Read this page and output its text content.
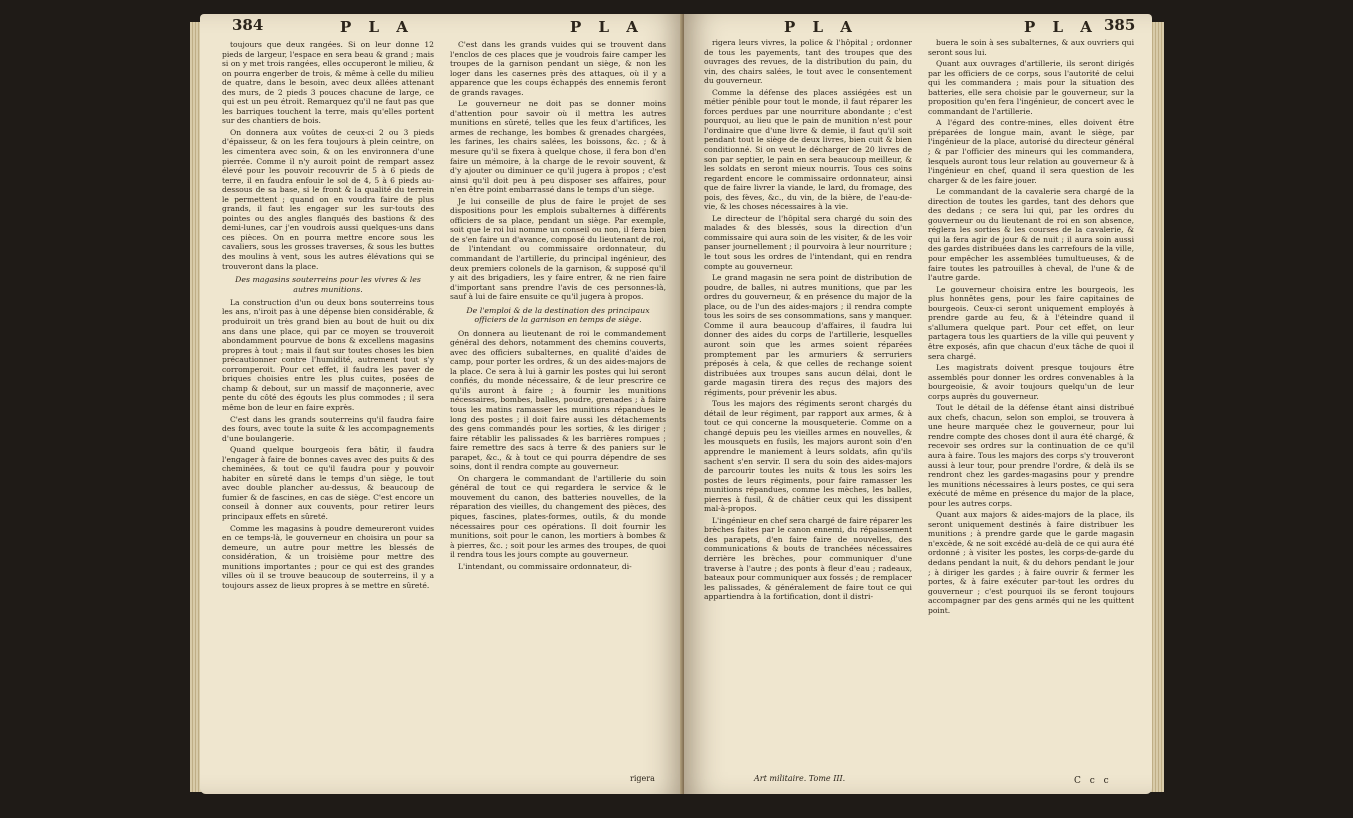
384	P L A	P L A

toujours que deux rangées. Si on leur donne 12 pieds de largeur, l'espace en sera beau & grand ; mais si on y met trois rangées, elles occuperont le milieu, & on pourra engerber de trois, & même à celle du milieu de quatre, dans le besoin, avec deux allées attenant des murs, de 2 pieds 3 pouces chacune de large, ce qui est un peu étroit. Remarquez qu'il ne faut pas que les barriques touchent la terre, mais qu'elles portent sur des chantiers de bois.

On donnera aux voûtes de ceux-ci 2 ou 3 pieds d'épaisseur, & on les fera toujours à plein ceintre, on les cimentera avec soin, & on les environnera d'une pierrée. Comme il n'y auroit point de rempart assez élevé pour les pouvoir recouvrir de 5 à 6 pieds de terre, il en faudra enfouir le sol de 4, 5 à 6 pieds au-dessous de sa base, si le front & la qualité du terrein le permettent ; quand on en voudra faire de plus grands, il faut les engager sur les sur-touts des pointes ou des angles flanqués des bastions & des demi-lunes, car j'en voudrois aussi quelques-uns dans ces pièces. On en pourra mettre encore sous les cavaliers, sous les grosses traverses, & sous les buttes des moulins à vent, sous les autres élévations qui se trouveront dans la place.

Des magasins souterreins pour les vivres & les autres munitions.

La construction d'un ou deux bons souterreins tous les ans, n'iroit pas à une dépense bien considérable, & produiroit un très grand bien au bout de huit ou dix ans dans une place, qui par ce moyen se trouveroit abondamment pourvue de bons & excellens magasins propres à tout ; mais il faut sur toutes choses les bien précautionner contre l'humidité, autrement tout s'y corromperoit. Pour cet effet, il faudra les paver de briques choisies entre les plus cuites, posées de champ & debout, sur un massif de maçonnerie, avec pente du côté des égouts les plus commodes ; il sera même bon de leur en faire exprès.

C'est dans les grands souterreins qu'il faudra faire des fours, avec toute la suite & les accompagnements d'une boulangerie.

Quand quelque bourgeois fera bâtir, il faudra l'engager à faire de bonnes caves avec des puits & des cheminées, & tout ce qu'il faudra pour y pouvoir habiter en sûreté dans le temps d'un siège, le tout avec double plancher au-dessus, & beaucoup de fumier & de fascines, en cas de siège. C'est encore un conseil à donner aux couvents, pour retirer leurs principaux effets en sûreté.

Comme les magasins à poudre demeureront vuides en ce temps-là, le gouverneur en choisira un pour sa demeure, un autre pour mettre les blessés de considération, & un troisième pour mettre des munitions importantes ; pour ce qui est des grandes villes où il se trouve beaucoup de souterreins, il y a toujours assez de lieux propres à se mettre en sûreté.

C'est dans les grands vuides qui se trouvent dans l'enclos de ces places que je voudrois faire camper les troupes de la garnison pendant un siège, & non les loger dans les casernes près des attaques, où il y a apparence que les coups échappés des ennemis feront de grands ravages.

Le gouverneur ne doit pas se donner moins d'attention pour savoir où il mettra les autres munitions en sûreté, telles que les feux d'artifices, les armes de rechange, les bombes & grenades chargées, les farines, les chairs salées, les boissons, &c. ; & à mesure qu'il se fixera à quelque chose, il fera bon d'en faire un mémoire, à la charge de le revoir souvent, & d'y ajouter ou diminuer ce qu'il jugera à propos ; c'est ainsi qu'il doit peu à peu disposer ses affaires, pour n'en être point embarrassé dans le temps d'un siège.

Je lui conseille de plus de faire le projet de ses dispositions pour les emplois subalternes à différents officiers de sa place, pendant un siège. Par exemple, soit que le roi lui nomme un conseil ou non, il fera bien de s'en faire un d'avance, composé du lieutenant de roi, de l'intendant ou commissaire ordonnateur, du commandant de l'artillerie, du principal ingénieur, des deux premiers colonels de la garnison, & supposé qu'il y ait des brigadiers, les y faire entrer, & ne rien faire d'important sans prendre l'avis de ces personnes-là, sauf à lui de faire ensuite ce qu'il jugera à propos.

De l'emploi & de la destination des principaux officiers de la garnison en temps de siège.

On donnera au lieutenant de roi le commandement général des dehors, notamment des chemins couverts, avec des officiers subalternes, en qualité d'aides de camp, pour porter les ordres, & un des aides-majors de la place. Ce sera à lui à garnir les postes qui lui seront confiés, du monde nécessaire, & de leur prescrire ce qu'ils auront à faire ; à fournir les munitions nécessaires, bombes, balles, poudre, grenades ; à faire tous les matins ramasser les munitions répandues le long des postes ; il doit faire aussi les détachements des gens commandés pour les sorties, & les diriger ; faire rétablir les palissades & les barrières rompues ; faire remettre des sacs à terre & des paniers sur le parapet, &c., & à tout ce qui pourra dépendre de ses soins, dont il rendra compte au gouverneur.

On chargera le commandant de l'artillerie du soin général de tout ce qui regardera le service & le mouvement du canon, des batteries nouvelles, de la réparation des vieilles, du changement des pièces, des piques, fascines, plates-formes, outils, & du monde nécessaires pour ces opérations. Il doit fournir les munitions, soit pour le canon, les mortiers à bombes & à pierres, &c. ; soit pour les armes des troupes, de quoi il rendra tous les jours compte au gouverneur.

L'intendant, ou commissaire ordonnateur, di-

rigera
P L A	P L A 385

rigera leurs vivres, la police & l'hôpital ; ordonner de tous les payements, tant des troupes que des ouvrages des revues, de la distribution du pain, du vin, des chairs salées, le tout avec le consentement du gouverneur.

Comme la défense des places assiégées est un métier pénible pour tout le monde, il faut réparer les forces perdues par une nourriture abondante ; c'est pourquoi, au lieu que le pain de munition n'est pour l'ordinaire que d'une livre & demie, il faut qu'il soit pendant tout le siège de deux livres, bien cuit & bien conditionné. Si on veut le décharger de 20 livres de son par septier, le pain en sera beaucoup meilleur, & les soldats en seront mieux nourris. Tous ces soins regardent encore le commissaire ordonnateur, ainsi que de faire livrer la viande, le lard, du fromage, des pois, des fèves, &c., du vin, de la bière, de l'eau-de-vie, & les choses nécessaires à la vie.

Le directeur de l'hôpital sera chargé du soin des malades & des blessés, sous la direction d'un commissaire qui aura soin de les visiter, & de les voir panser journellement ; il pourvoira à leur nourriture ; le tout sous les ordres de l'intendant, qui en rendra compte au gouverneur.

Le grand magasin ne sera point de distribution de poudre, de balles, ni autres munitions, que par les ordres du gouverneur, & en présence du major de la place, ou de l'un des aides-majors ; il rendra compte tous les soirs de ses consommations, sans y manquer. Comme il aura beaucoup d'affaires, il faudra lui donner des aides du corps de l'artillerie, lesquelles auront soin que les armes soient réparées promptement par les armuriers & serruriers préposés à cela, & que celles de rechange soient distribuées aux troupes sans aucun délai, dont le garde magasin tirera des reçus des majors des régiments, pour prévenir les abus.

Tous les majors des régiments seront chargés du détail de leur régiment, par rapport aux armes, & à tout ce qui concerne la mousqueterie. Comme on a changé depuis peu les vieilles armes en nouvelles, & les mousquets en fusils, les majors auront soin d'en apprendre le maniement à leurs soldats, afin qu'ils sachent s'en servir. Il sera du soin des aides-majors de parcourir toutes les nuits & tous les soirs les postes de leurs régiments, pour faire ramasser les munitions répandues, comme les mèches, les balles, pierres à fusil, & de châtier ceux qui les dissipent mal-à-propos.

L'ingénieur en chef sera chargé de faire réparer les brèches faites par le canon ennemi, du répaissement des parapets, d'en faire faire de nouvelles, des communications & bouts de tranchées nécessaires derrière les brèches, pour communiquer d'une traverse à l'autre ; des ponts à fleur d'eau ; radeaux, bateaux pour communiquer aux fossés ; de remplacer les palissades, & généralement de faire tout ce qui appartiendra à la fortification, dont il distri-

buera le soin à ses subalternes, & aux ouvriers qui seront sous lui.

Quant aux ouvrages d'artillerie, ils seront dirigés par les officiers de ce corps, sous l'autorité de celui qui les commandera ; mais pour la situation des batteries, elle sera choisie par le gouverneur, sur la proposition qu'en fera l'ingénieur, de concert avec le commandant de l'artillerie.

A l'égard des contre-mines, elles doivent être préparées de longue main, avant le siège, par l'ingénieur de la place, autorisé du directeur général ; & par l'officier des mineurs qui les commandera, lesquels auront tous leur relation au gouverneur & à l'ingénieur en chef, quand il sera question de les charger & de les faire jouer.

Le commandant de la cavalerie sera chargé de la direction de toutes les gardes, tant des dehors que des dedans ; ce sera lui qui, par les ordres du gouverneur ou du lieutenant de roi en son absence, réglera les sorties & les courses de la cavalerie, & qui la fera agir de jour & de nuit ; il aura soin aussi des gardes distribuées dans les carrefours de la ville, pour empêcher les assemblées tumultueuses, & de faire toutes les patrouilles à cheval, de l'une & de l'autre garde.

Le gouverneur choisira entre les bourgeois, les plus honnêtes gens, pour les faire capitaines de bourgeois. Ceux-ci seront uniquement employés à prendre garde au feu, & à l'éteindre quand il s'allumera quelque part. Pour cet effet, on leur partagera tous les quartiers de la ville qui peuvent y être exposés, afin que chacun d'eux tâche de quoi il sera chargé.

Les magistrats doivent presque toujours être assemblés pour donner les ordres convenables à la bourgeoisie, & avoir toujours quelqu'un de leur corps auprès du gouverneur.

Tout le détail de la défense étant ainsi distribué aux chefs, chacun, selon son emploi, se trouvera à une heure marquée chez le gouverneur, pour lui rendre compte des choses dont il aura été chargé, & recevoir ses ordres sur la continuation de ce qu'il aura à faire. Tous les majors des corps s'y trouveront aussi à leur tour, pour prendre l'ordre, & delà ils se rendront chez les gardes-magasins pour y prendre les munitions nécessaires à leurs postes, ce qui sera exécuté de même en présence du major de la place, pour les autres corps.

Quant aux majors & aides-majors de la place, ils seront uniquement destinés à faire distribuer les munitions ; à prendre garde que le garde magasin n'excède, & ne soit excédé au-delà de ce qui aura été ordonné ; à visiter les postes, les corps-de-garde du dedans pendant la nuit, & du dehors pendant le jour ; à diriger les gardes ; à faire ouvrir & fermer les portes, & à faire exécuter par-tout les ordres du gouverneur ; c'est pourquoi ils se feront toujours accompagner par des gens armés qui ne les quittent point.

Art militaire. Tome III.	C c c
